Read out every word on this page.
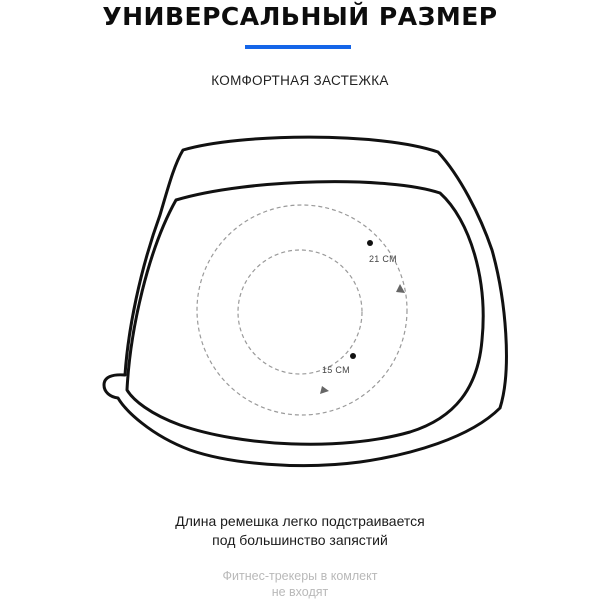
УНИВЕРСАЛЬНЫЙ РАЗМЕР
КОМФОРТНАЯ ЗАСТЕЖКА
21 СМ
15 СМ
Длина ремешка легко подстраивается
под большинство запястий
Фитнес-трекеры в комлект
не входят
